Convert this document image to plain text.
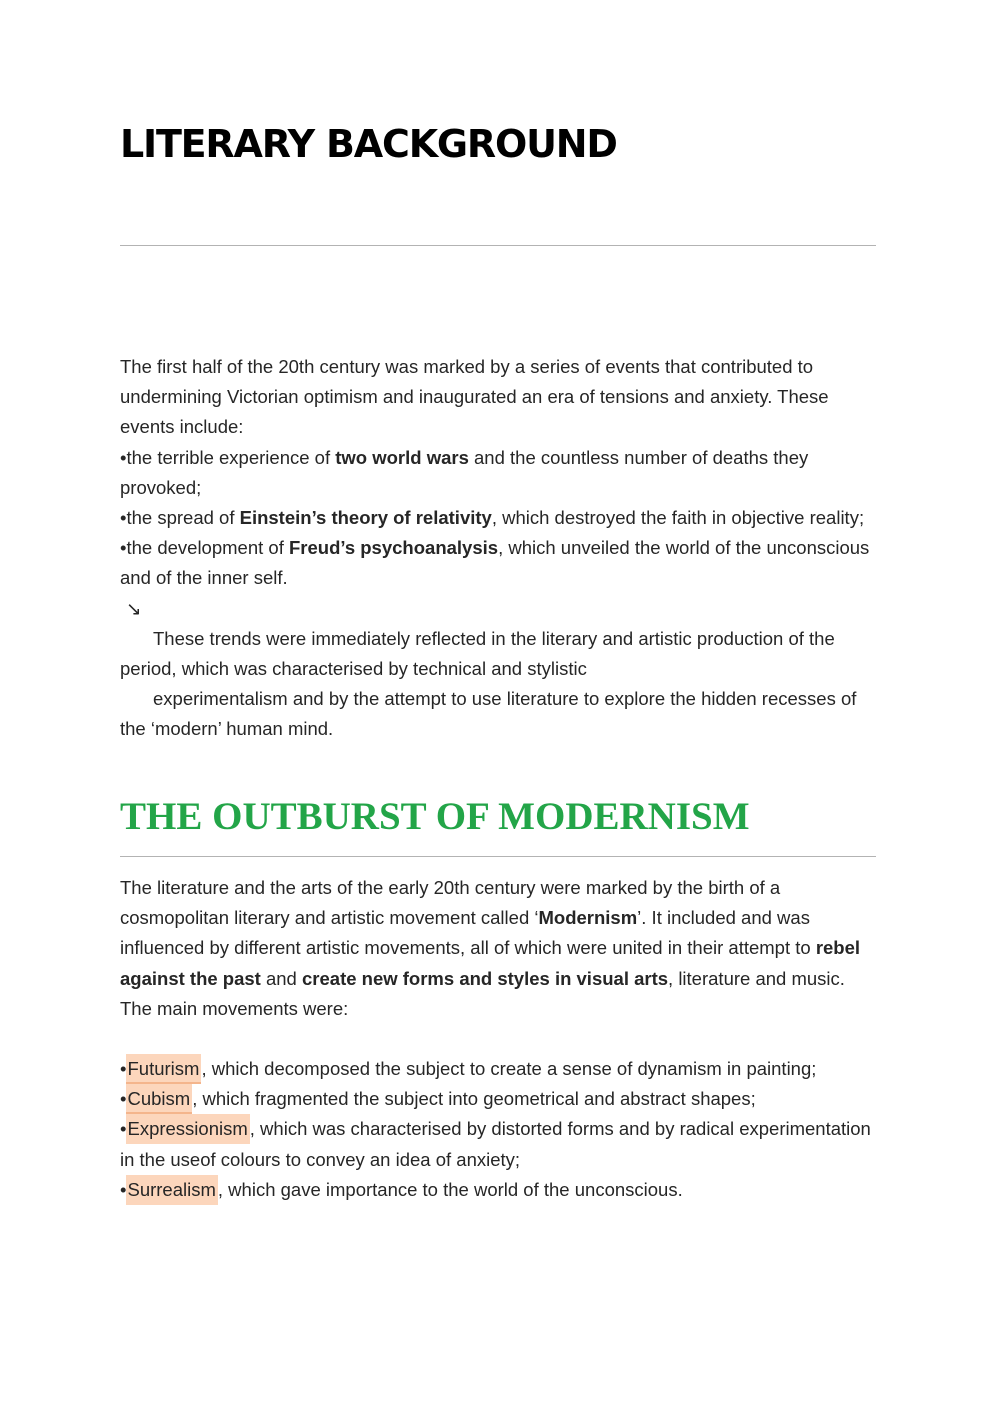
LITERARY BACKGROUND

The first half of the 20th century was marked by a series of events that contributed to undermining Victorian optimism and inaugurated an era of tensions and anxiety. These events include:

•the terrible experience of two world wars and the countless number of deaths they provoked;

•the spread of Einstein’s theory of relativity, which destroyed the faith in objective reality;

•the development of Freud’s psychoanalysis, which unveiled the world of the unconscious and of the inner self.

↘

These trends were immediately reflected in the literary and artistic production of the period, which was characterised by technical and stylistic

experimentalism and by the attempt to use literature to explore the hidden recesses of the ‘modern’ human mind.

THE OUTBURST OF MODERNISM

The literature and the arts of the early 20th century were marked by the birth of a cosmopolitan literary and artistic movement called ‘Modernism’. It included and was influenced by different artistic movements, all of which were united in their attempt to rebel against the past and create new forms and styles in visual arts, literature and music. The main movements were:

•Futurism , which decomposed the subject to create a sense of dynamism in painting;

•Cubism , which fragmented the subject into geometrical and abstract shapes;

•Expressionism , which was characterised by distorted forms and by radical experimentation in the useof colours to convey an idea of anxiety;

•Surrealism , which gave importance to the world of the unconscious.
